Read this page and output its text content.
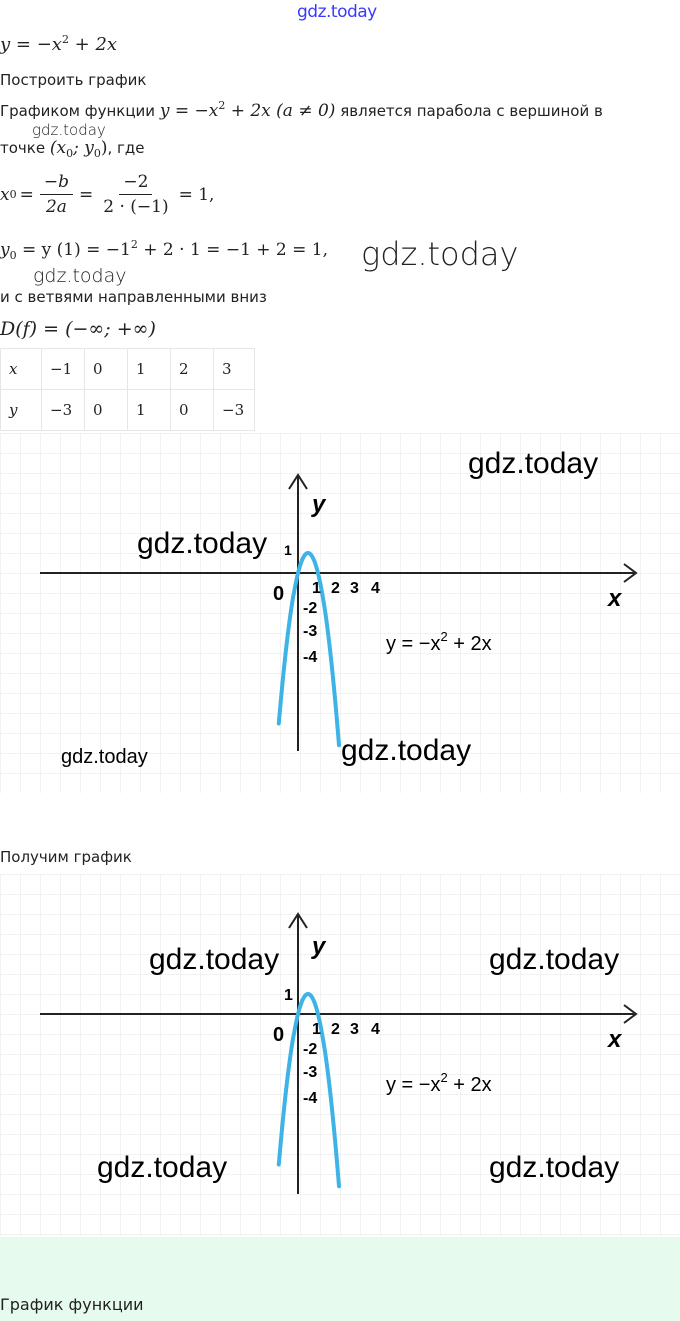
gdz.today
$y = -x^2 + 2x$
Построить график
Графиком функции $y = -x^2 + 2x$ (a ≠ 0) является парабола с вершиной в
gdz.today
точке ($x_0$; $y_0$), где
x $0 = \frac{-b}{2a} = \frac{-2}{2 \cdot (-1)} = 1$,
$y_0 = y$ $(1) = -1^2 + 2 \cdot 1 = -1 + 2 = 1$, gdz.today
gdz.today
и с ветвями направленными вниз
D(f) = (−∞; +∞)
x	−1	0	1	2	3
y	−3	0	1	0	−3
y
x
0
1
1 2 3 4
-2
-3
-4
$y = -x^2 + 2x$
gdz.today
gdz.today
gdz.today
gdz.today
Получим график
y
x
0
1
1 2 3 4
-2
-3
-4
$y = -x^2 + 2x$
gdz.today	gdz.today
gdz.today	gdz.today
График функции
